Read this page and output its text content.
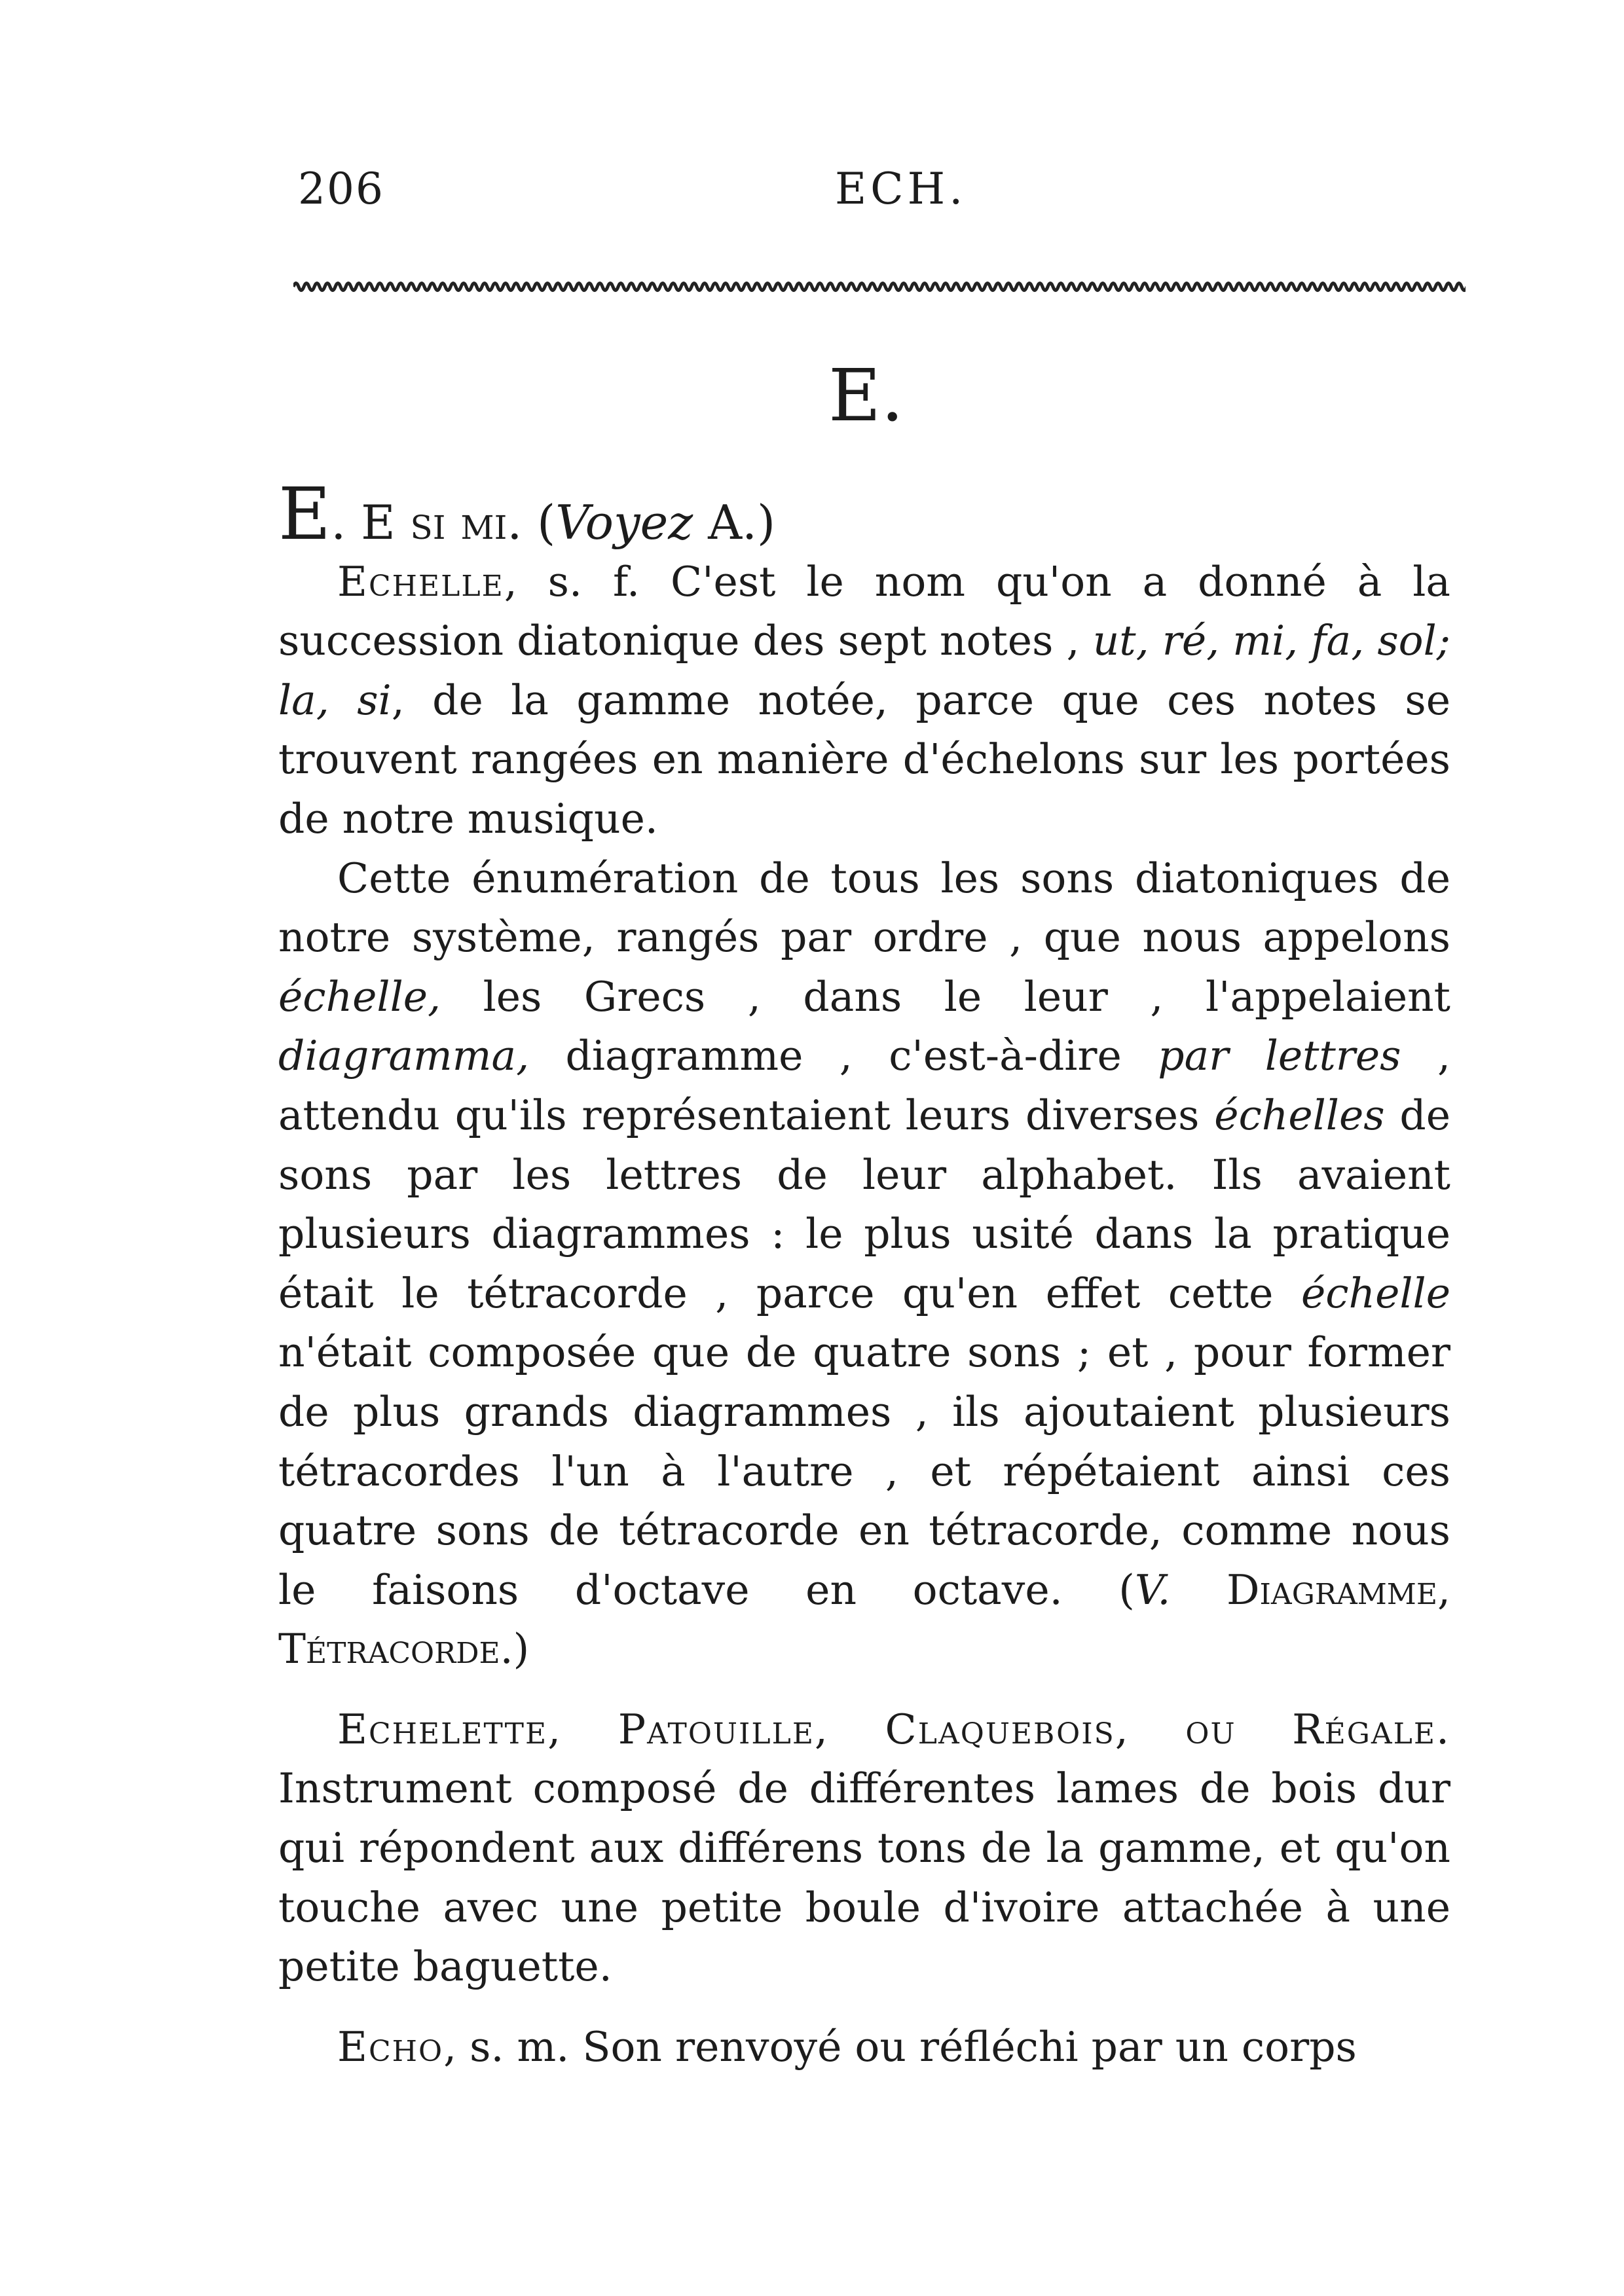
206	ECH.
E.

E. E si mi. (Voyez A.)

Echelle, s. f. C'est le nom qu'on a donné à la succession diatonique des sept notes , ut, ré, mi, fa, sol; la, si, de la gamme notée, parce que ces notes se trouvent rangées en manière d'échelons sur les portées de notre musique.

Cette énumération de tous les sons diatoniques de notre système, rangés par ordre , que nous appelons échelle, les Grecs , dans le leur , l'appelaient diagramma, diagramme , c'est-à-dire par lettres , attendu qu'ils représentaient leurs diverses échelles de sons par les lettres de leur alphabet. Ils avaient plusieurs diagrammes : le plus usité dans la pratique était le tétracorde , parce qu'en effet cette échelle n'était composée que de quatre sons ; et , pour former de plus grands diagrammes , ils ajoutaient plusieurs tétracordes l'un à l'autre , et répétaient ainsi ces quatre sons de tétracorde en tétracorde, comme nous le faisons d'octave en octave. (V. Diagramme, Tétracorde.)

Echelette, Patouille, Claquebois, ou Régale. Instrument composé de différentes lames de bois dur qui répondent aux différens tons de la gamme, et qu'on touche avec une petite boule d'ivoire attachée à une petite baguette.

Echo, s. m. Son renvoyé ou réfléchi par un corps
